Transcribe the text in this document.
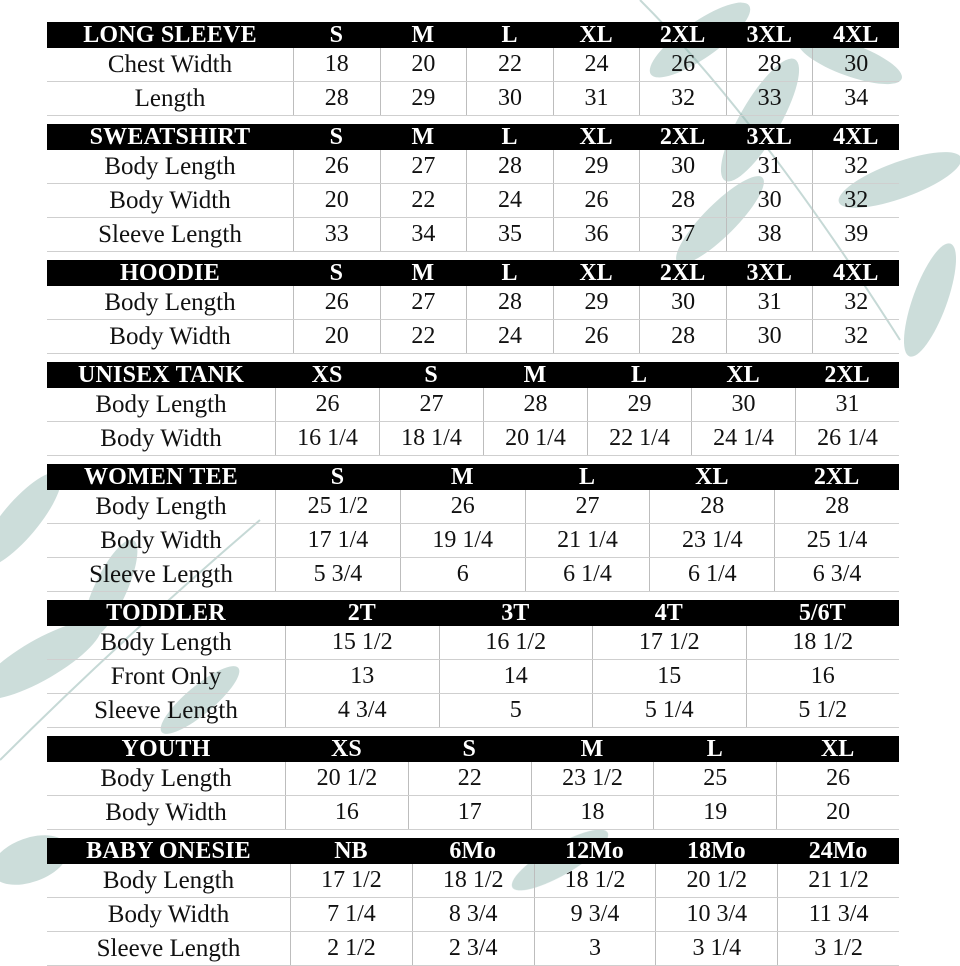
LONG SLEEVE	S	M	L	XL	2XL	3XL	4XL
Chest Width	18	20	22	24	26	28	30
Length	28	29	30	31	32	33	34
SWEATSHIRT	S	M	L	XL	2XL	3XL	4XL
Body Length	26	27	28	29	30	31	32
Body Width	20	22	24	26	28	30	32
Sleeve Length	33	34	35	36	37	38	39
HOODIE	S	M	L	XL	2XL	3XL	4XL
Body Length	26	27	28	29	30	31	32
Body Width	20	22	24	26	28	30	32
UNISEX TANK	XS	S	M	L	XL	2XL
Body Length	26	27	28	29	30	31
Body Width	16 1/4	18 1/4	20 1/4	22 1/4	24 1/4	26 1/4
WOMEN TEE	S	M	L	XL	2XL
Body Length	25 1/2	26	27	28	28
Body Width	17 1/4	19 1/4	21 1/4	23 1/4	25 1/4
Sleeve Length	5 3/4	6	6 1/4	6 1/4	6 3/4
TODDLER	2T	3T	4T	5/6T
Body Length	15 1/2	16 1/2	17 1/2	18 1/2
Front Only	13	14	15	16
Sleeve Length	4 3/4	5	5 1/4	5 1/2
YOUTH	XS	S	M	L	XL
Body Length	20 1/2	22	23 1/2	25	26
Body Width	16	17	18	19	20
BABY ONESIE	NB	6Mo	12Mo	18Mo	24Mo
Body Length	17 1/2	18 1/2	18 1/2	20 1/2	21 1/2
Body Width	7 1/4	8 3/4	9 3/4	10 3/4	11 3/4
Sleeve Length	2 1/2	2 3/4	3	3 1/4	3 1/2
